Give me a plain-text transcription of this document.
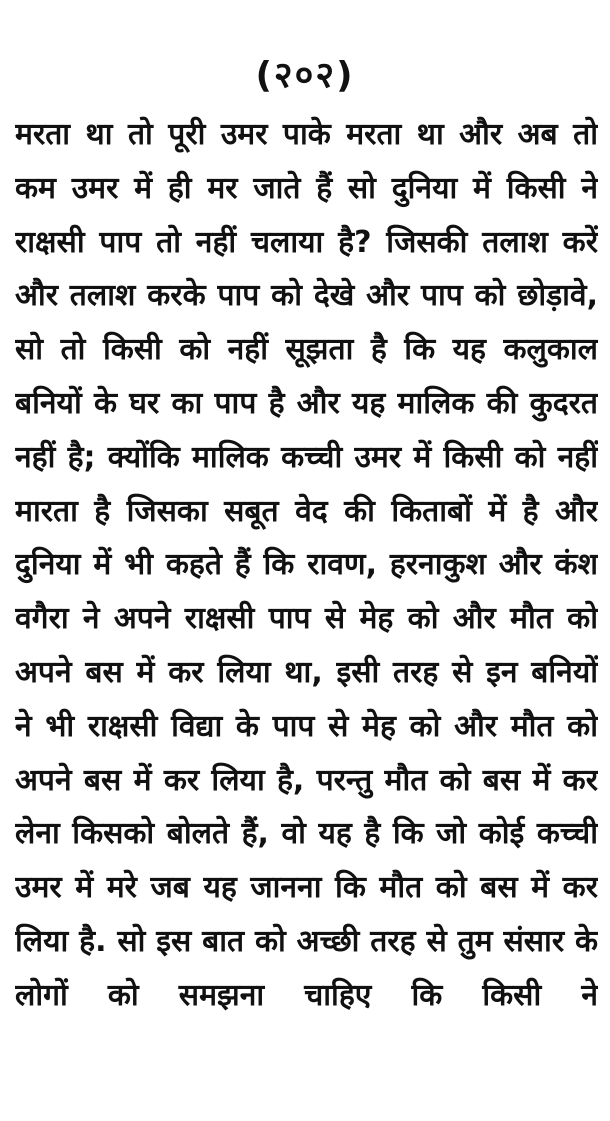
(२०२)
मरता था तो पूरी उमर पाके मरता था और अब तो
कम उमर में ही मर जाते हैं सो दुनिया में किसी ने
राक्षसी पाप तो नहीं चलाया है? जिसकी तलाश करें
और तलाश करके पाप को देखे और पाप को छोड़ावे,
सो तो किसी को नहीं सूझता है कि यह कलुकाल
बनियों के घर का पाप है और यह मालिक की कुदरत
नहीं है; क्योंकि मालिक कच्ची उमर में किसी को नहीं
मारता है जिसका सबूत वेद की किताबों में है और
दुनिया में भी कहते हैं कि रावण, हरनाकुश और कंश
वगैरा ने अपने राक्षसी पाप से मेह को और मौत को
अपने बस में कर लिया था, इसी तरह से इन बनियों
ने भी राक्षसी विद्या के पाप से मेह को और मौत को
अपने बस में कर लिया है, परन्तु मौत को बस में कर
लेना किसको बोलते हैं, वो यह है कि जो कोई कच्ची
उमर में मरे जब यह जानना कि मौत को बस में कर
लिया है. सो इस बात को अच्छी तरह से तुम संसार के
लोगों को समझना चाहिए कि किसी ने
